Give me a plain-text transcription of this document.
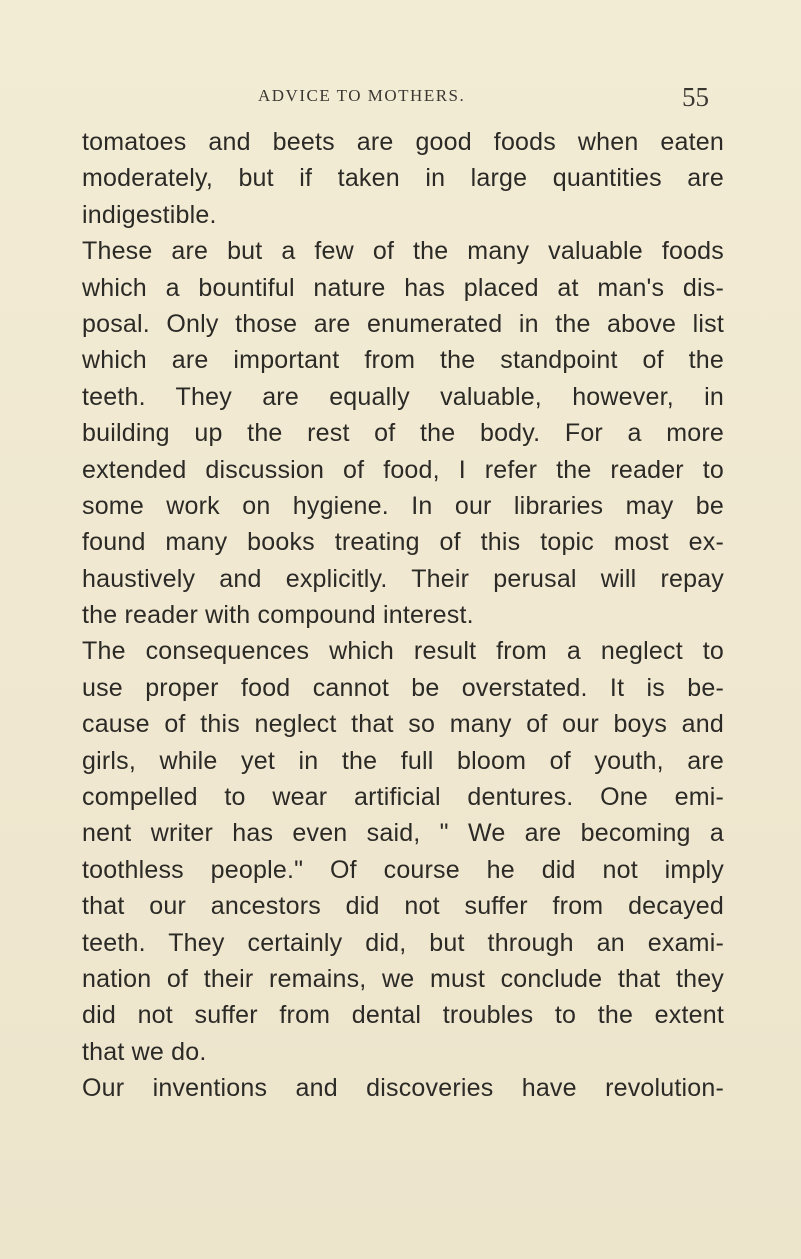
ADVICE TO MOTHERS.	55
tomatoes and beets are good foods when eaten
moderately, but if taken in large quantities are
indigestible.
These are but a few of the many valuable foods
which a bountiful nature has placed at man's dis-
posal. Only those are enumerated in the above list
which are important from the standpoint of the
teeth. They are equally valuable, however, in
building up the rest of the body. For a more
extended discussion of food, I refer the reader to
some work on hygiene. In our libraries may be
found many books treating of this topic most ex-
haustively and explicitly. Their perusal will repay
the reader with compound interest.
The consequences which result from a neglect to
use proper food cannot be overstated. It is be-
cause of this neglect that so many of our boys and
girls, while yet in the full bloom of youth, are
compelled to wear artificial dentures. One emi-
nent writer has even said, " We are becoming a
toothless people." Of course he did not imply
that our ancestors did not suffer from decayed
teeth. They certainly did, but through an exami-
nation of their remains, we must conclude that they
did not suffer from dental troubles to the extent
that we do.
Our inventions and discoveries have revolution-
